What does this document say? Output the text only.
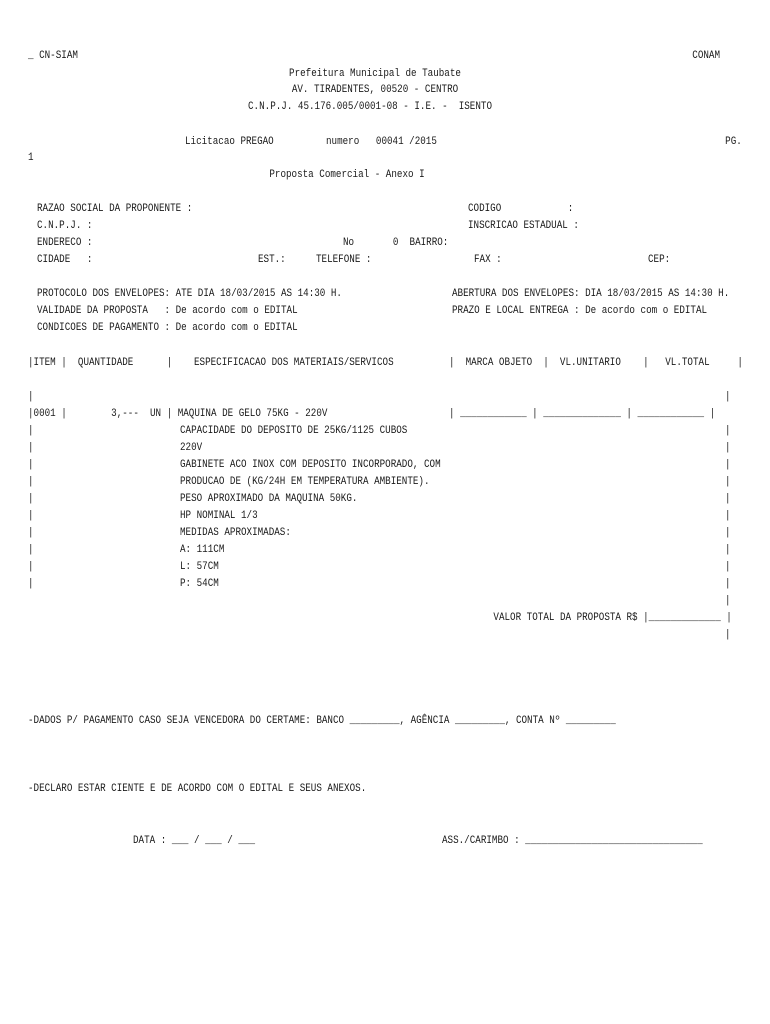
_ CN-SIAM	CONAM
Prefeitura Municipal de Taubate
AV. TIRADENTES, 00520 - CENTRO
C.N.P.J. 45.176.005/0001-08 - I.E. -  ISENTO
Licitacao PREGAO	numero   00041 /2015	PG.
1
Proposta Comercial - Anexo I
RAZAO SOCIAL DA PROPONENTE :
C.N.P.J. :
ENDERECO :
CIDADE   :
CODIGO            :
INSCRICAO ESTADUAL :
No       0  BAIRRO:
EST.:	TELEFONE :	FAX :	CEP:
PROTOCOLO DOS ENVELOPES: ATE DIA 18/03/2015 AS 14:30 H.
VALIDADE DA PROPOSTA   : De acordo com o EDITAL
CONDICOES DE PAGAMENTO : De acordo com o EDITAL
ABERTURA DOS ENVELOPES: DIA 18/03/2015 AS 14:30 H.
PRAZO E LOCAL ENTREGA : De acordo com o EDITAL
|ITEM |  QUANTIDADE      | ESPECIFICACAO DOS MATERIAIS/SERVICOS	|  MARCA OBJETO  |  VL.UNITARIO    |   VL.TOTAL     |
|	|
|0001 |        3,---  UN | MAQUINA DE GELO 75KG - 220V	| ____________ | ______________ | ____________ |
CAPACIDADE DO DEPOSITO DE 25KG/1125 CUBOS
220V
GABINETE ACO INOX COM DEPOSITO INCORPORADO, COM
PRODUCAO DE (KG/24H EM TEMPERATURA AMBIENTE).
PESO APROXIMADO DA MAQUINA 50KG.
HP NOMINAL 1/3
MEDIDAS APROXIMADAS:
A: 111CM
L: 57CM
P: 54CM
|
|
|
|
|
|
|
|
|
|
|
|
|
|
|
|
|
|
|
|
|
VALOR TOTAL DA PROPOSTA R$ |_____________ |
|
-DADOS P/ PAGAMENTO CASO SEJA VENCEDORA DO CERTAME: BANCO _________, AGÊNCIA _________, CONTA Nº _________
-DECLARO ESTAR CIENTE E DE ACORDO COM O EDITAL E SEUS ANEXOS.
DATA : ___ / ___ / ___	ASS./CARIMBO : ________________________________
